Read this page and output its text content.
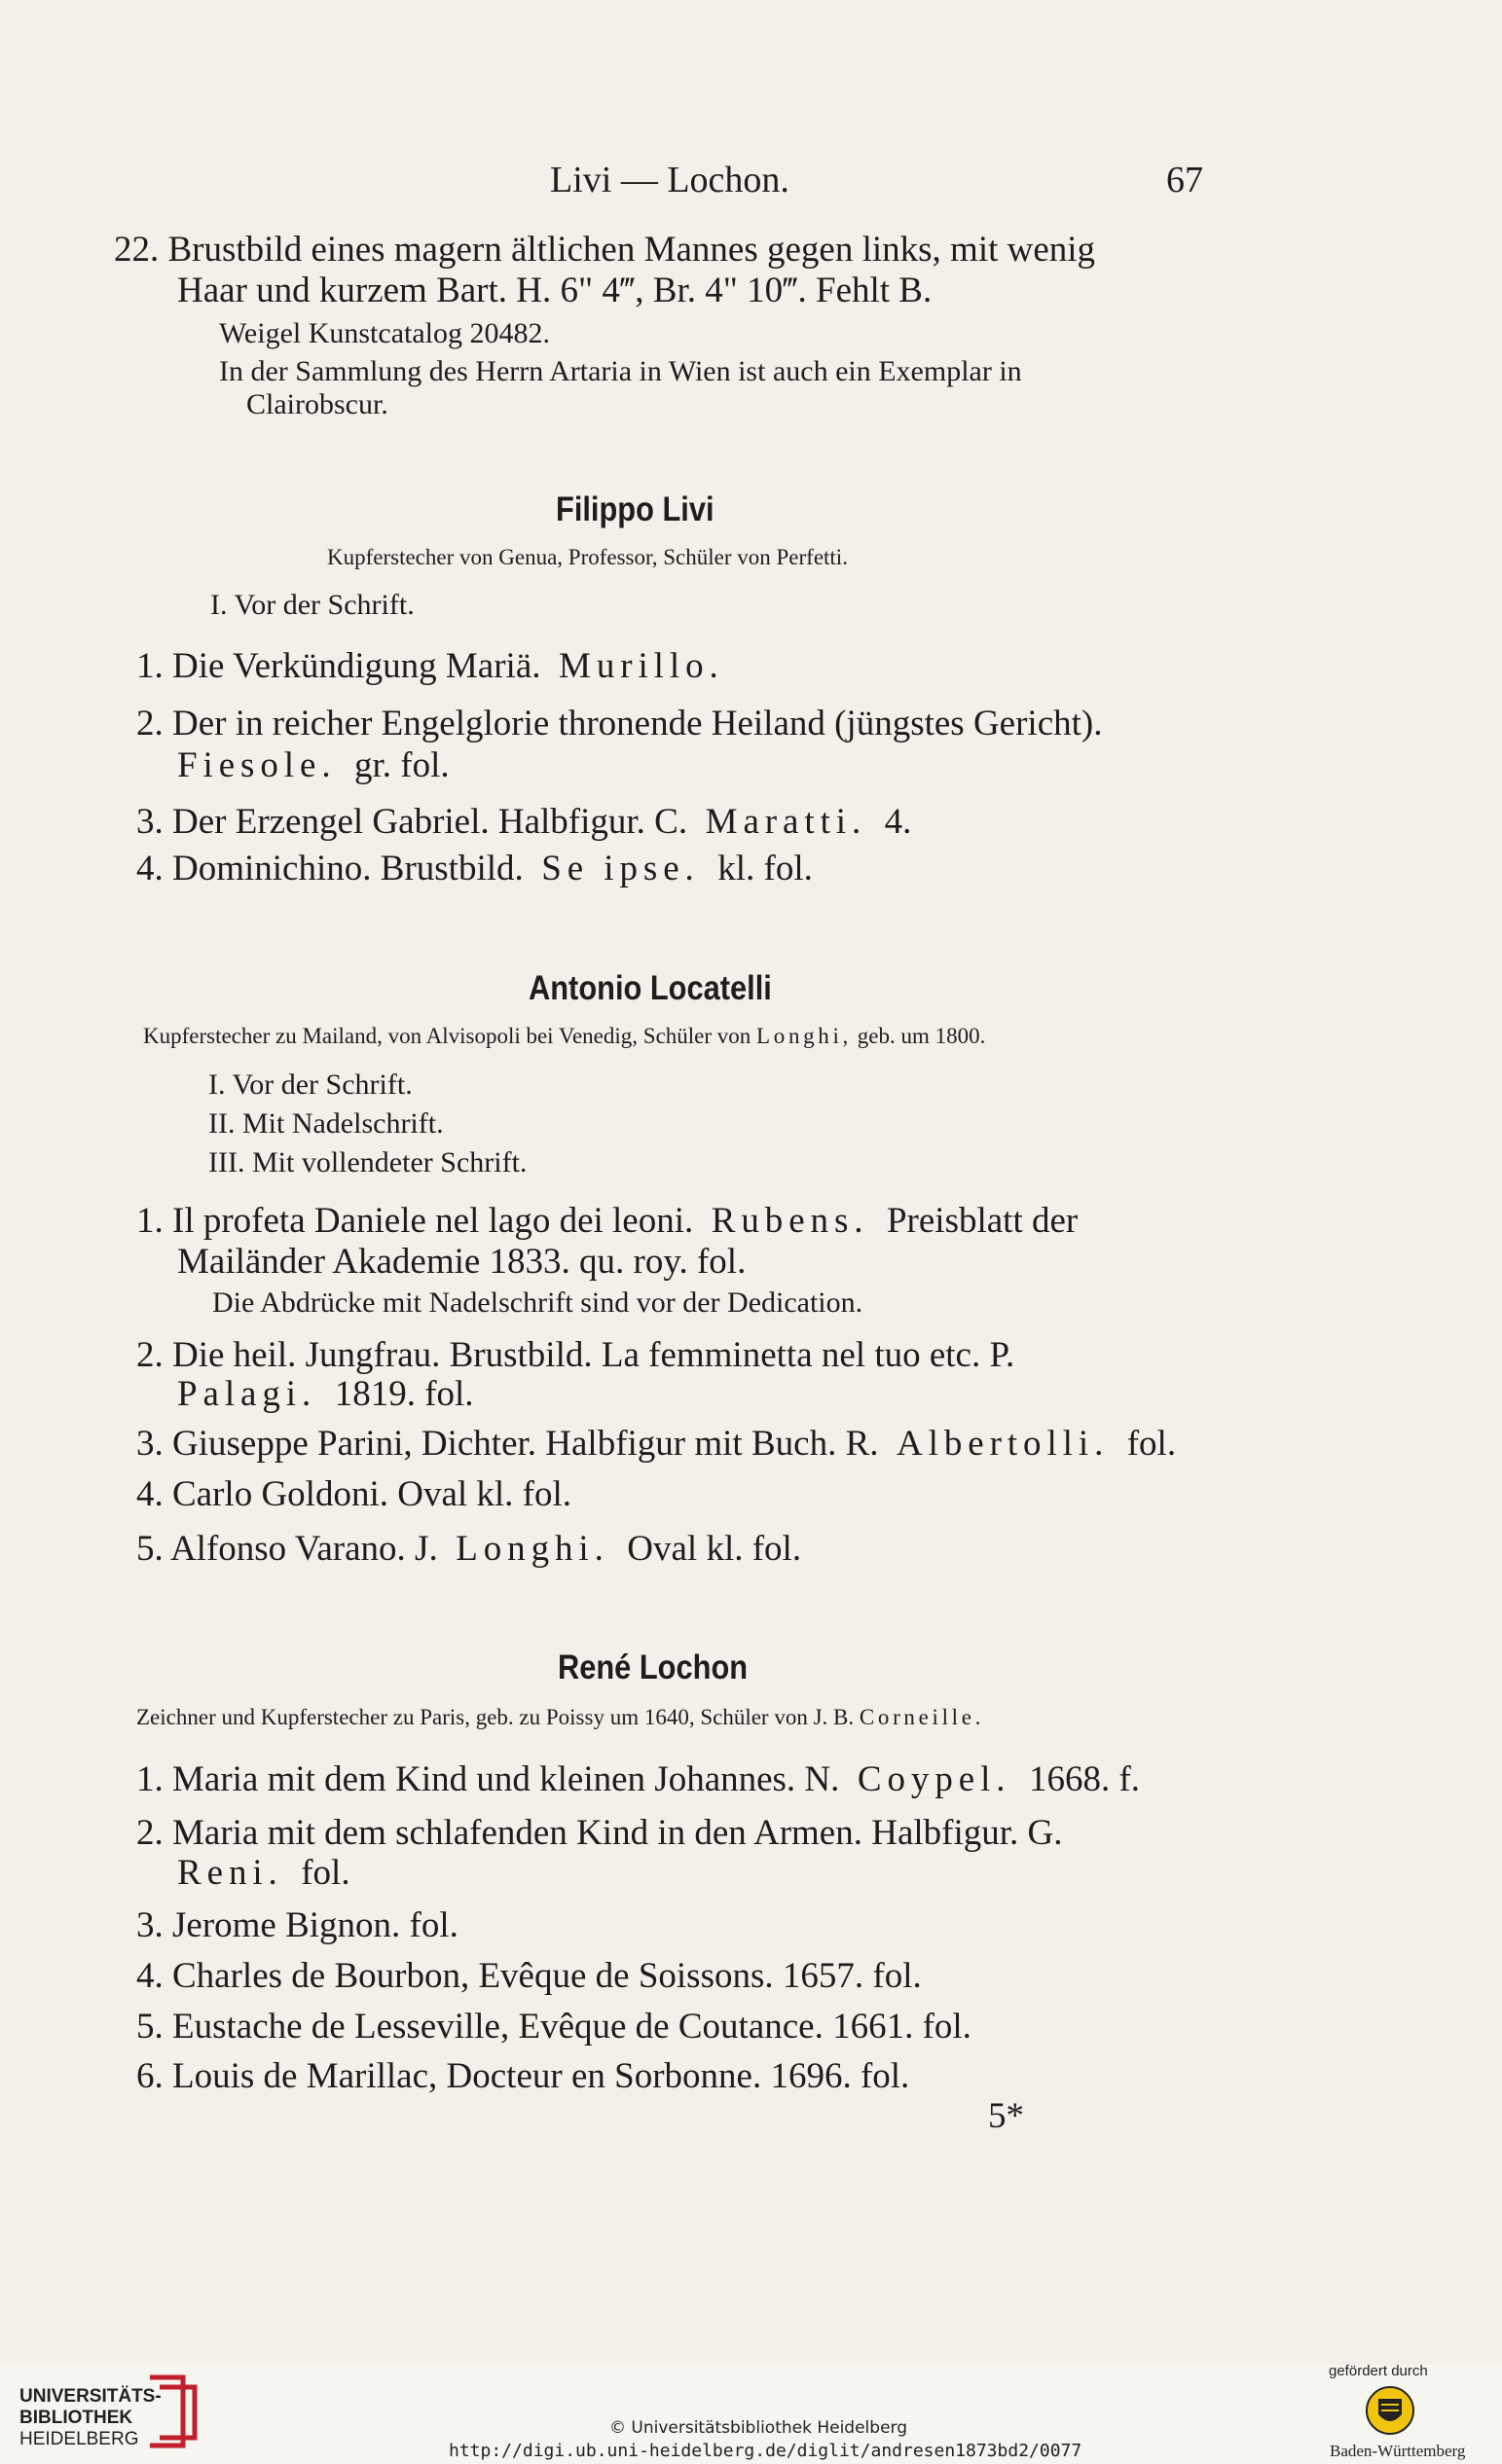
Livi — Lochon.	67
22. Brustbild eines magern ältlichen Mannes gegen links, mit wenig
Haar und kurzem Bart. H. 6" 4‴, Br. 4" 10‴. Fehlt B.
Weigel Kunstcatalog 20482.
In der Sammlung des Herrn Artaria in Wien ist auch ein Exemplar in
Clairobscur.
Filippo Livi
Kupferstecher von Genua, Professor, Schüler von Perfetti.
I. Vor der Schrift.
1. Die Verkündigung Mariä. Murillo.
2. Der in reicher Engelglorie thronende Heiland (jüngstes Gericht).
Fiesole. gr. fol.
3. Der Erzengel Gabriel. Halbfigur. C. Maratti. 4.
4. Dominichino. Brustbild. Se ipse. kl. fol.
Antonio Locatelli
Kupferstecher zu Mailand, von Alvisopoli bei Venedig, Schüler von Longhi, geb. um 1800.
I. Vor der Schrift.
II. Mit Nadelschrift.
III. Mit vollendeter Schrift.
1. Il profeta Daniele nel lago dei leoni. Rubens. Preisblatt der
Mailänder Akademie 1833. qu. roy. fol.
Die Abdrücke mit Nadelschrift sind vor der Dedication.
2. Die heil. Jungfrau. Brustbild. La femminetta nel tuo etc. P.
Palagi. 1819. fol.
3. Giuseppe Parini, Dichter. Halbfigur mit Buch. R. Albertolli. fol.
4. Carlo Goldoni. Oval kl. fol.
5. Alfonso Varano. J. Longhi. Oval kl. fol.
René Lochon
Zeichner und Kupferstecher zu Paris, geb. zu Poissy um 1640, Schüler von J. B. Corneille.
1. Maria mit dem Kind und kleinen Johannes. N. Coypel. 1668. f.
2. Maria mit dem schlafenden Kind in den Armen. Halbfigur. G.
Reni. fol.
3. Jerome Bignon. fol.
4. Charles de Bourbon, Evêque de Soissons. 1657. fol.
5. Eustache de Lesseville, Evêque de Coutance. 1661. fol.
6. Louis de Marillac, Docteur en Sorbonne. 1696. fol.
5*
UNIVERSITÄTS-
BIBLIOTHEK
HEIDELBERG
© Universitätsbibliothek Heidelberg
http://digi.ub.uni-heidelberg.de/diglit/andresen1873bd2/0077
gefördert durch
Baden-Württemberg
